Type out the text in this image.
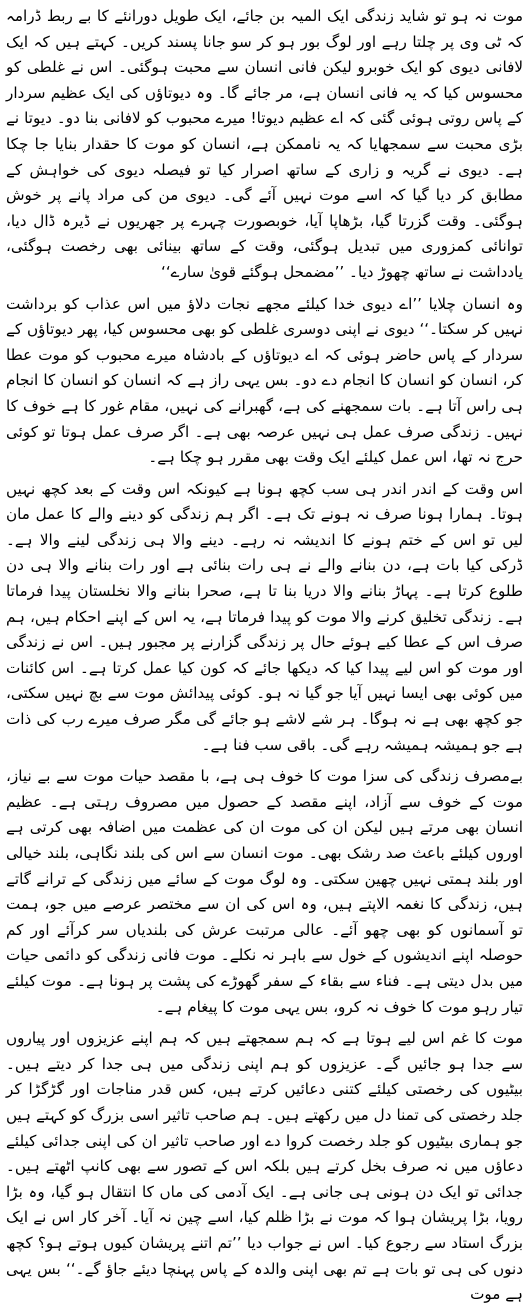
موت نہ ہو تو شاید زندگی ایک المیہ بن جائے، ایک طویل دورانئے کا بے ربط ڈرامہ کہ ٹی وی پر چلتا رہے اور لوگ بور ہو کر سو جانا پسند کریں۔ کہتے ہیں کہ ایک لافانی دیوی کو ایک خوبرو لیکن فانی انسان سے محبت ہوگئی۔ اس نے غلطی کو محسوس کیا کہ یہ فانی انسان ہے، مر جائے گا۔ وہ دیوتاؤں کی ایک عظیم سردار کے پاس روتی ہوئی گئی کہ اے عظیم دیوتا! میرے محبوب کو لافانی بنا دو۔ دیوتا نے بڑی محبت سے سمجھایا کہ یہ ناممکن ہے، انسان کو موت کا حقدار بنایا جا چکا ہے۔ دیوی نے گریہ و زاری کے ساتھ اصرار کیا تو فیصلہ دیوی کی خواہش کے مطابق کر دیا گیا کہ اسے موت نہیں آئے گی۔ دیوی من کی مراد پانے پر خوش ہوگئی۔ وقت گزرتا گیا، بڑھاپا آیا، خوبصورت چہرے پر جھریوں نے ڈیرہ ڈال دیا، توانائی کمزوری میں تبدیل ہوگئی، وقت کے ساتھ بینائی بھی رخصت ہوگئی، یادداشت نے ساتھ چھوڑ دیا۔ ’’مضمحل ہوگئے قویٰ سارے‘‘

وہ انسان چلایا ’’اے دیوی خدا کیلئے مجھے نجات دلاؤ میں اس عذاب کو برداشت نہیں کر سکتا۔‘‘ دیوی نے اپنی دوسری غلطی کو بھی محسوس کیا، پھر دیوتاؤں کے سردار کے پاس حاضر ہوئی کہ اے دیوتاؤں کے بادشاہ میرے محبوب کو موت عطا کر، انسان کو انسان کا انجام دے دو۔ بس یہی راز ہے کہ انسان کو انسان کا انجام ہی راس آتا ہے۔ بات سمجھنے کی ہے، گھبرانے کی نہیں، مقام غور کا ہے خوف کا نہیں۔ زندگی صرف عمل ہی نہیں عرصہ بھی ہے۔ اگر صرف عمل ہوتا تو کوئی حرج نہ تھا، اس عمل کیلئے ایک وقت بھی مقرر ہو چکا ہے۔

اس وقت کے اندر اندر ہی سب کچھ ہونا ہے کیونکہ اس وقت کے بعد کچھ نہیں ہوتا۔ ہمارا ہونا صرف نہ ہونے تک ہے۔ اگر ہم زندگی کو دینے والے کا عمل مان لیں تو اس کے ختم ہونے کا اندیشہ نہ رہے۔ دینے والا ہی زندگی لینے والا ہے۔ ڈرکی کیا بات ہے، دن بنانے والے نے ہی رات بنائی ہے اور رات بنانے والا ہی دن طلوع کرتا ہے۔ پہاڑ بنانے والا دریا بنا تا ہے، صحرا بنانے والا نخلستان پیدا فرماتا ہے۔ زندگی تخلیق کرنے والا موت کو پیدا فرماتا ہے، یہ اس کے اپنے احکام ہیں، ہم صرف اس کے عطا کیے ہوئے حال پر زندگی گزارنے پر مجبور ہیں۔ اس نے زندگی اور موت کو اس لیے پیدا کیا کہ دیکھا جائے کہ کون کیا عمل کرتا ہے۔ اس کائنات میں کوئی بھی ایسا نہیں آیا جو گیا نہ ہو۔ کوئی پیدائش موت سے بچ نہیں سکتی، جو کچھ بھی ہے نہ ہوگا۔ ہر شے لاشے ہو جائے گی مگر صرف میرے رب کی ذات ہے جو ہمیشہ ہمیشہ رہے گی۔ باقی سب فنا ہے۔

بےمصرف زندگی کی سزا موت کا خوف ہی ہے، با مقصد حیات موت سے بے نیاز، موت کے خوف سے آزاد، اپنے مقصد کے حصول میں مصروف رہتی ہے۔ عظیم انسان بھی مرتے ہیں لیکن ان کی موت ان کی عظمت میں اضافہ بھی کرتی ہے اوروں کیلئے باعث صد رشک بھی۔ موت انسان سے اس کی بلند نگاہی، بلند خیالی اور بلند ہمتی نہیں چھین سکتی۔ وہ لوگ موت کے سائے میں زندگی کے ترانے گاتے ہیں، زندگی کا نغمہ الاپتے ہیں، وہ اس کی ان سے مختصر عرصے میں جو، ہمت تو آسمانوں کو بھی چھو آئے۔ عالی مرتبت عرش کی بلندیاں سر کرآئے اور کم حوصلہ اپنے اندیشوں کے خول سے باہر نہ نکلے۔ موت فانی زندگی کو دائمی حیات میں بدل دیتی ہے۔ فناء سے بقاء کے سفر گھوڑے کی پشت پر ہونا ہے۔ موت کیلئے تیار رہو موت کا خوف نہ کرو، بس یہی موت کا پیغام ہے۔

موت کا غم اس لیے ہوتا ہے کہ ہم سمجھتے ہیں کہ ہم اپنے عزیزوں اور پیاروں سے جدا ہو جائیں گے۔ عزیزوں کو ہم اپنی زندگی میں ہی جدا کر دیتے ہیں۔ بیٹیوں کی رخصتی کیلئے کتنی دعائیں کرتے ہیں، کس قدر مناجات اور گڑگڑا کر جلد رخصتی کی تمنا دل میں رکھتے ہیں۔ ہم صاحب تاثیر اسی بزرگ کو کہتے ہیں جو ہماری بیٹیوں کو جلد رخصت کروا دے اور صاحب تاثیر ان کی اپنی جدائی کیلئے دعاؤں میں نہ صرف بخل کرتے ہیں بلکہ اس کے تصور سے بھی کانپ اٹھتے ہیں۔ جدائی تو ایک دن ہونی ہی جانی ہے۔ ایک آدمی کی ماں کا انتقال ہو گیا، وہ بڑا رویا، بڑا پریشان ہوا کہ موت نے بڑا ظلم کیا، اسے چین نہ آیا۔ آخر کار اس نے ایک بزرگ استاد سے رجوع کیا۔ اس نے جواب دیا ’’تم اتنے پریشان کیوں ہوتے ہو؟ کچھ دنوں کی ہی تو بات ہے تم بھی اپنی والدہ کے پاس پہنچا دیئے جاؤ گے۔‘‘ بس یہی ہے موت
